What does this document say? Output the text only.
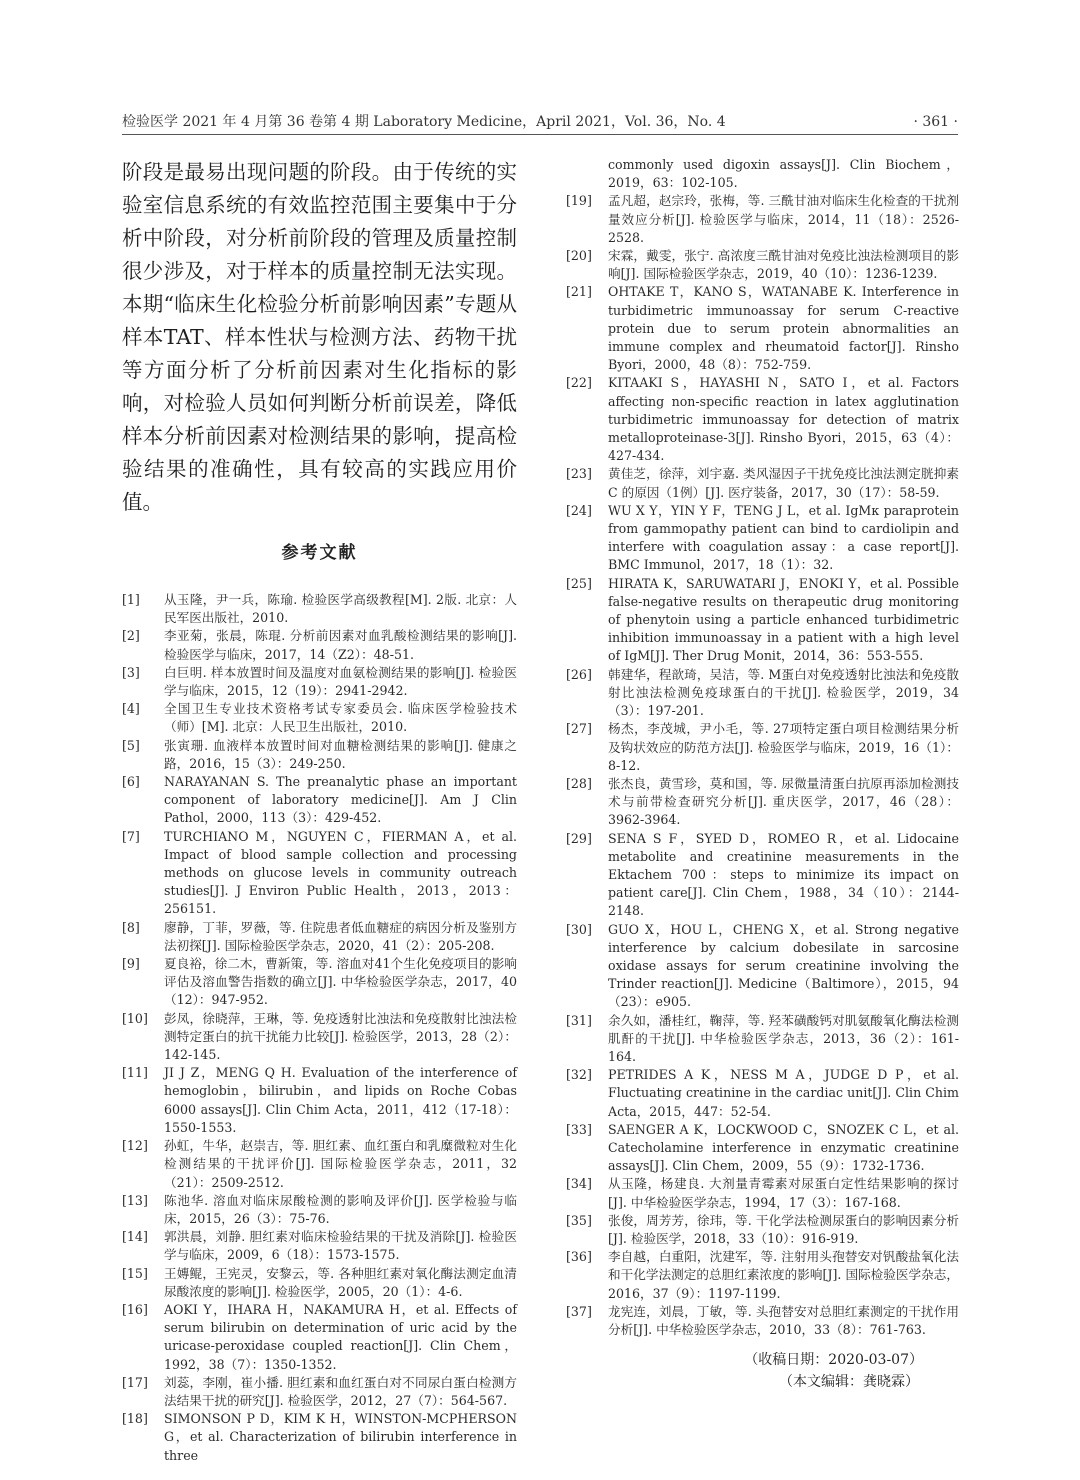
检验医学 2021 年 4 月第 36 卷第 4 期 Laboratory Medicine，April 2021，Vol. 36，No. 4	· 361 ·

阶段是最易出现问题的阶段。由于传统的实验室信息系统的有效监控范围主要集中于分析中阶段，对分析前阶段的管理及质量控制很少涉及，对于样本的质量控制无法实现。本期“临床生化检验分析前影响因素”专题从样本TAT、样本性状与检测方法、药物干扰等方面分析了分析前因素对生化指标的影响，对检验人员如何判断分析前误差，降低样本分析前因素对检测结果的影响，提高检验结果的准确性，具有较高的实践应用价值。

参考文献
[1]	从玉隆，尹一兵，陈瑜. 检验医学高级教程[M]. 2版. 北京：人民军医出版社，2010.
[2]	李亚菊，张晨，陈琨. 分析前因素对血乳酸检测结果的影响[J]. 检验医学与临床，2017，14（Z2）：48-51.
[3]	白巨明. 样本放置时间及温度对血氨检测结果的影响[J]. 检验医学与临床，2015，12（19）：2941-2942.
[4]	全国卫生专业技术资格考试专家委员会. 临床医学检验技术（师）[M]. 北京：人民卫生出版社，2010.
[5]	张寅珊. 血液样本放置时间对血糖检测结果的影响[J]. 健康之路，2016，15（3）：249-250.
[6]	NARAYANAN S. The preanalytic phase an important component of laboratory medicine[J]. Am J Clin Pathol，2000，113（3）：429-452.
[7]	TURCHIANO M，NGUYEN C，FIERMAN A，et al. Impact of blood sample collection and processing methods on glucose levels in community outreach studies[J]. J Environ Public Health，2013，2013：256151.
[8]	廖静，丁菲，罗薇，等. 住院患者低血糖症的病因分析及鉴别方法初探[J]. 国际检验医学杂志，2020，41（2）：205-208.
[9]	夏良裕，徐二木，曹新策，等. 溶血对41个生化免疫项目的影响评估及溶血警告指数的确立[J]. 中华检验医学杂志，2017，40（12）：947-952.
[10]	彭凤，徐晓萍，王琳，等. 免疫透射比浊法和免疫散射比浊法检测特定蛋白的抗干扰能力比较[J]. 检验医学，2013，28（2）：142-145.
[11]	JI J Z，MENG Q H. Evaluation of the interference of hemoglobin，bilirubin，and lipids on Roche Cobas 6000 assays[J]. Clin Chim Acta，2011，412（17-18）：1550-1553.
[12]	孙虹，牛华，赵崇吉，等. 胆红素、血红蛋白和乳糜微粒对生化检测结果的干扰评价[J]. 国际检验医学杂志，2011，32（21）：2509-2512.
[13]	陈池华. 溶血对临床尿酸检测的影响及评价[J]. 医学检验与临床，2015，26（3）：75-76.
[14]	郭洪晨，刘静. 胆红素对临床检验结果的干扰及消除[J]. 检验医学与临床，2009，6（18）：1573-1575.
[15]	王嫥鲲，王宪灵，安黎云，等. 各种胆红素对氧化酶法测定血清尿酸浓度的影响[J]. 检验医学，2005，20（1）：4-6.
[16]	AOKI Y，IHARA H，NAKAMURA H，et al. Effects of serum bilirubin on determination of uric acid by the uricase-peroxidase coupled reaction[J]. Clin Chem，1992，38（7）：1350-1352.
[17]	刘蕊，李刚，崔小播. 胆红素和血红蛋白对不同尿白蛋白检测方法结果干扰的研究[J]. 检验医学，2012，27（7）：564-567.
[18]	SIMONSON P D，KIM K H，WINSTON-MCPHERSON G，et al. Characterization of bilirubin interference in three
commonly used digoxin assays[J]. Clin Biochem，2019，63：102-105.
[19]	孟凡超，赵宗玲，张梅，等. 三酰甘油对临床生化检查的干扰剂量效应分析[J]. 检验医学与临床，2014，11（18）：2526-2528.
[20]	宋霖，戴雯，张宁. 高浓度三酰甘油对免疫比浊法检测项目的影响[J]. 国际检验医学杂志，2019，40（10）：1236-1239.
[21]	OHTAKE T，KANO S，WATANABE K. Interference in turbidimetric immunoassay for serum C-reactive protein due to serum protein abnormalities an immune complex and rheumatoid factor[J]. Rinsho Byori，2000，48（8）：752-759.
[22]	KITAAKI S，HAYASHI N，SATO I，et al. Factors affecting non-specific reaction in latex agglutination turbidimetric immunoassay for detection of matrix metalloproteinase-3[J]. Rinsho Byori，2015，63（4）：427-434.
[23]	黄佳芝，徐萍，刘宇嘉. 类风湿因子干扰免疫比浊法测定胱抑素 C 的原因（1例）[J]. 医疗装备，2017，30（17）：58-59.
[24]	WU X Y，YIN Y F，TENG J L，et al. IgMκ paraprotein from gammopathy patient can bind to cardiolipin and interfere with coagulation assay：a case report[J]. BMC Immunol，2017，18（1）：32.
[25]	HIRATA K，SARUWATARI J，ENOKI Y，et al. Possible false-negative results on therapeutic drug monitoring of phenytoin using a particle enhanced turbidimetric inhibition immunoassay in a patient with a high level of IgM[J]. Ther Drug Monit，2014，36：553-555.
[26]	韩建华，程歆琦，吴洁，等. M蛋白对免疫透射比浊法和免疫散射比浊法检测免疫球蛋白的干扰[J]. 检验医学，2019，34（3）：197-201.
[27]	杨杰，李茂城，尹小毛，等. 27项特定蛋白项目检测结果分析及钩状效应的防范方法[J]. 检验医学与临床，2019，16（1）：8-12.
[28]	张杰良，黄雪珍，莫和国，等. 尿微量清蛋白抗原再添加检测技术与前带检查研究分析[J]. 重庆医学，2017，46（28）：3962-3964.
[29]	SENA S F，SYED D，ROMEO R，et al. Lidocaine metabolite and creatinine measurements in the Ektachem 700：steps to minimize its impact on patient care[J]. Clin Chem，1988，34（10）：2144-2148.
[30]	GUO X，HOU L，CHENG X，et al. Strong negative interference by calcium dobesilate in sarcosine oxidase assays for serum creatinine involving the Trinder reaction[J]. Medicine（Baltimore），2015，94（23）：e905.
[31]	余久如，潘桂红，鞠萍，等. 羟苯磺酸钙对肌氨酸氧化酶法检测肌酐的干扰[J]. 中华检验医学杂志，2013，36（2）：161-164.
[32]	PETRIDES A K，NESS M A，JUDGE D P，et al. Fluctuating creatinine in the cardiac unit[J]. Clin Chim Acta，2015，447：52-54.
[33]	SAENGER A K，LOCKWOOD C，SNOZEK C L，et al. Catecholamine interference in enzymatic creatinine assays[J]. Clin Chem，2009，55（9）：1732-1736.
[34]	从玉隆，杨建良. 大剂量青霉素对尿蛋白定性结果影响的探讨[J]. 中华检验医学杂志，1994，17（3）：167-168.
[35]	张俊，周芳芳，徐玮，等. 干化学法检测尿蛋白的影响因素分析[J]. 检验医学，2018，33（10）：916-919.
[36]	李自越，白重阳，沈建军，等. 注射用头孢替安对钒酸盐氧化法和干化学法测定的总胆红素浓度的影响[J]. 国际检验医学杂志，2016，37（9）：1197-1199.
[37]	龙宪连，刘晨，丁敏，等. 头孢替安对总胆红素测定的干扰作用分析[J]. 中华检验医学杂志，2010，33（8）：761-763.
（收稿日期：2020-03-07）
（本文编辑：龚晓霖）
